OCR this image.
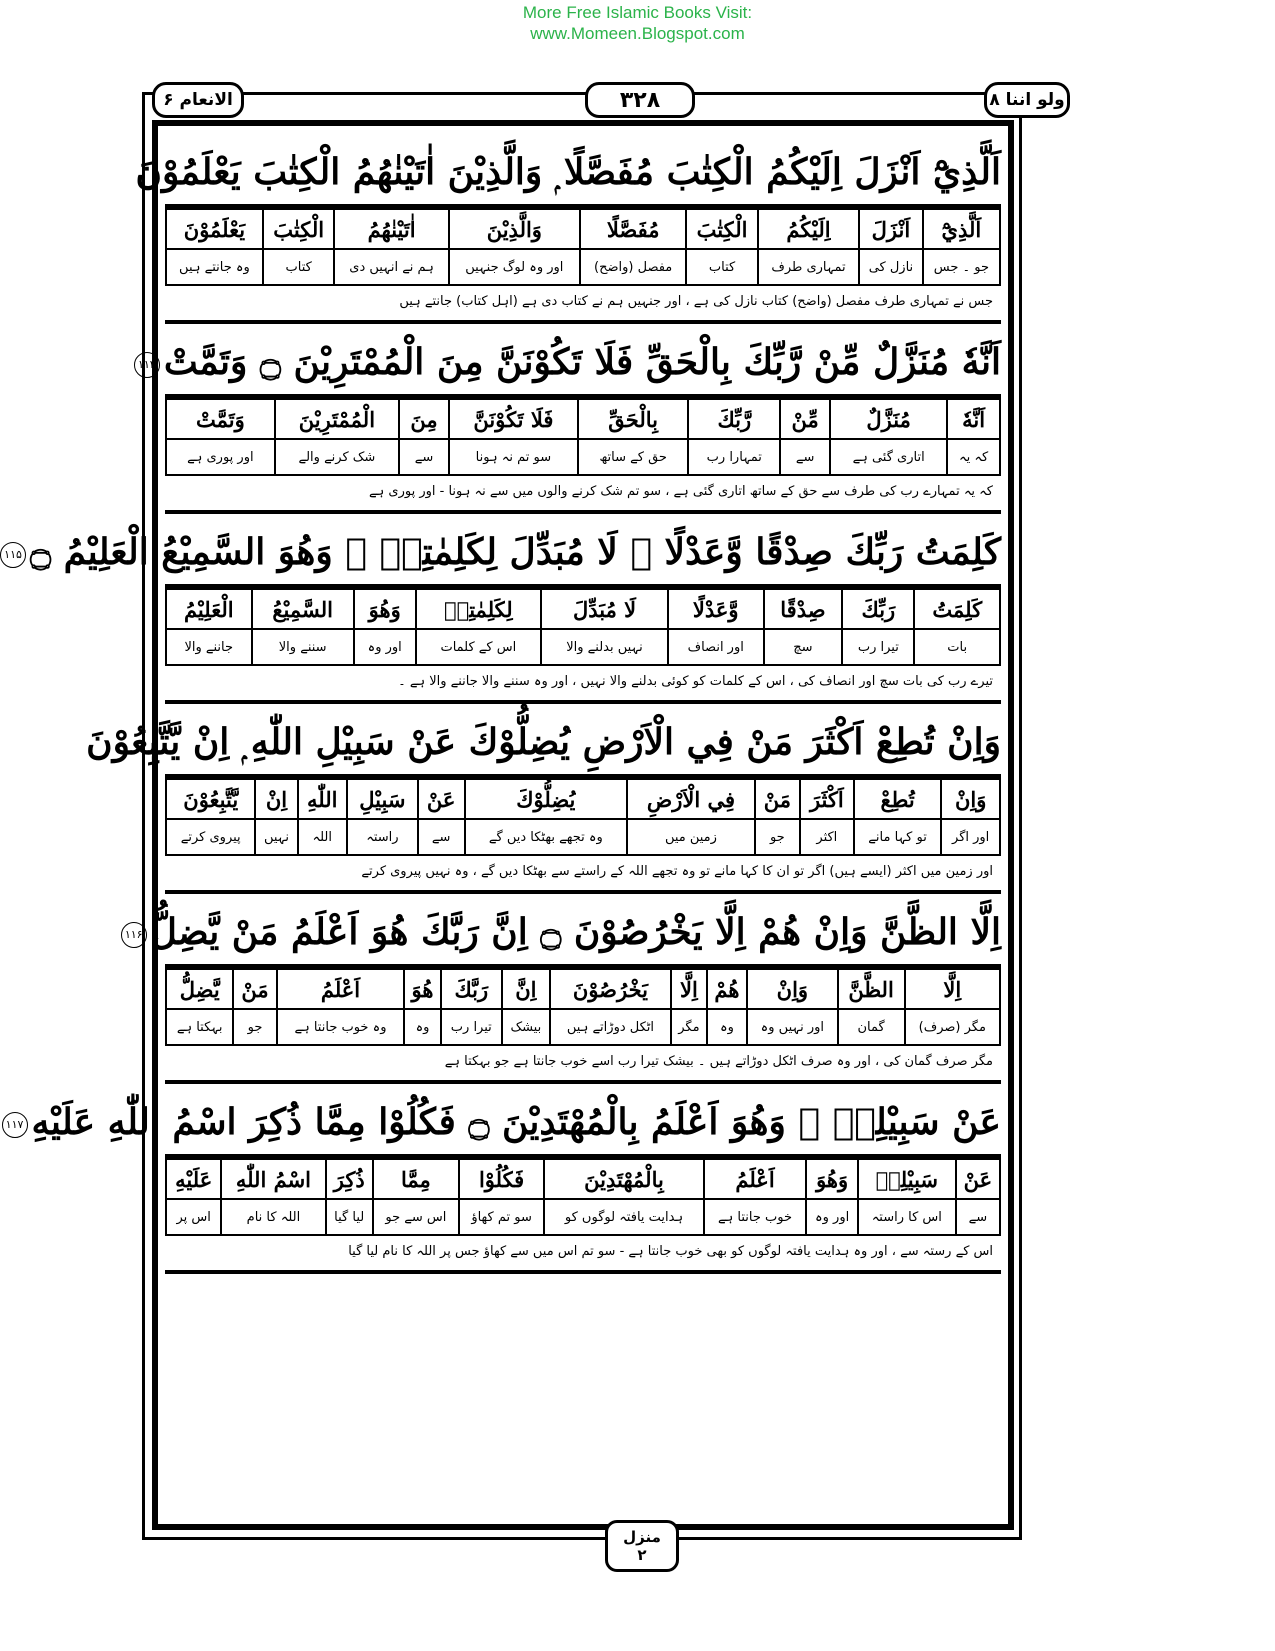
More Free Islamic Books Visit:
www.Momeen.Blogspot.com
الانعام ۶	۳۲۸	ولو اننا ۸
اَلَّذِيْٓ اَنْزَلَ اِلَيْكُمُ الْكِتٰبَ مُفَصَّلًا ۭ وَالَّذِيْنَ اٰتَيْنٰهُمُ الْكِتٰبَ يَعْلَمُوْنَ
اَلَّذِيْٓ	اَنْزَلَ	اِلَيْكُمُ	الْكِتٰبَ	مُفَصَّلًا	وَالَّذِيْنَ	اٰتَيْنٰهُمُ	الْكِتٰبَ	يَعْلَمُوْنَ
جو ۔ جس	نازل کی	تمہاری طرف	کتاب	مفصل (واضح)	اور وہ لوگ جنہیں	ہم نے انہیں دی	کتاب	وہ جانتے ہیں
جس نے تمہاری طرف مفصل (واضح) کتاب نازل کی ہے ، اور جنہیں ہم نے کتاب دی ہے (اہل کتاب) جانتے ہیں
اَنَّهٗ مُنَزَّلٌ مِّنْ رَّبِّكَ بِالْحَقِّ فَلَا تَكُوْنَنَّ مِنَ الْمُمْتَرِيْنَ ۝ وَتَمَّتْ۱۱۴
اَنَّهٗ	مُنَزَّلٌ	مِّنْ	رَّبِّكَ	بِالْحَقِّ	فَلَا تَكُوْنَنَّ	مِنَ	الْمُمْتَرِيْنَ	وَتَمَّتْ
کہ یہ	اتاری گئی ہے	سے	تمہارا رب	حق کے ساتھ	سو تم نہ ہونا	سے	شک کرنے والے	اور پوری ہے
کہ یہ تمہارے رب کی طرف سے حق کے ساتھ اتاری گئی ہے ، سو تم شک کرنے والوں میں سے نہ ہونا - اور پوری ہے
كَلِمَتُ رَبِّكَ صِدْقًا وَّعَدْلًا ۭ لَا مُبَدِّلَ لِكَلِمٰتِهٖ ۚ وَهُوَ السَّمِيْعُ الْعَلِيْمُ ۝۱۱۵
كَلِمَتُ	رَبِّكَ	صِدْقًا	وَّعَدْلًا	لَا مُبَدِّلَ	لِكَلِمٰتِهٖ	وَهُوَ	السَّمِيْعُ	الْعَلِيْمُ
بات	تیرا رب	سچ	اور انصاف	نہیں بدلنے والا	اس کے کلمات	اور وہ	سننے والا	جاننے والا
تیرے رب کی بات سچ اور انصاف کی ، اس کے کلمات کو کوئی بدلنے والا نہیں ، اور وہ سننے والا جاننے والا ہے ۔
وَاِنْ تُطِعْ اَكْثَرَ مَنْ فِي الْاَرْضِ يُضِلُّوْكَ عَنْ سَبِيْلِ اللّٰهِ ۭ اِنْ يَّتَّبِعُوْنَ
وَاِنْ	تُطِعْ	اَكْثَرَ	مَنْ	فِي الْاَرْضِ	يُضِلُّوْكَ	عَنْ	سَبِيْلِ	اللّٰهِ	اِنْ	يَّتَّبِعُوْنَ
اور اگر	تو کہا مانے	اکثر	جو	زمین میں	وہ تجھے بھٹکا دیں گے	سے	راستہ	اللہ	نہیں	پیروی کرتے
اور زمین میں اکثر (ایسے ہیں) اگر تو ان کا کہا مانے تو وہ تجھے اللہ کے راستے سے بھٹکا دیں گے ، وہ نہیں پیروی کرتے
اِلَّا الظَّنَّ وَاِنْ هُمْ اِلَّا يَخْرُصُوْنَ ۝ اِنَّ رَبَّكَ هُوَ اَعْلَمُ مَنْ يَّضِلُّ۱۱۶
اِلَّا	الظَّنَّ	وَاِنْ	هُمْ	اِلَّا	يَخْرُصُوْنَ	اِنَّ	رَبَّكَ	هُوَ	اَعْلَمُ	مَنْ	يَّضِلُّ
مگر (صرف)	گمان	اور نہیں وہ	وہ	مگر	اٹکل دوڑاتے ہیں	بیشک	تیرا رب	وہ	وہ خوب جانتا ہے	جو	بہکتا ہے
مگر صرف گمان کی ، اور وہ صرف اٹکل دوڑاتے ہیں ۔ بیشک تیرا رب اسے خوب جانتا ہے جو بہکتا ہے
عَنْ سَبِيْلِهٖ ۚ وَهُوَ اَعْلَمُ بِالْمُهْتَدِيْنَ ۝ فَكُلُوْا مِمَّا ذُكِرَ اسْمُ اللّٰهِ عَلَيْهِ۱۱۷
عَنْ	سَبِيْلِهٖ	وَهُوَ	اَعْلَمُ	بِالْمُهْتَدِيْنَ	فَكُلُوْا	مِمَّا	ذُكِرَ	اسْمُ اللّٰهِ	عَلَيْهِ
سے	اس کا راستہ	اور وہ	خوب جانتا ہے	ہدایت یافتہ لوگوں کو	سو تم کھاؤ	اس سے جو	لیا گیا	اللہ کا نام	اس پر
اس کے رستہ سے ، اور وہ ہدایت یافتہ لوگوں کو بھی خوب جانتا ہے - سو تم اس میں سے کھاؤ جس پر اللہ کا نام لیا گیا
منزل
۲
